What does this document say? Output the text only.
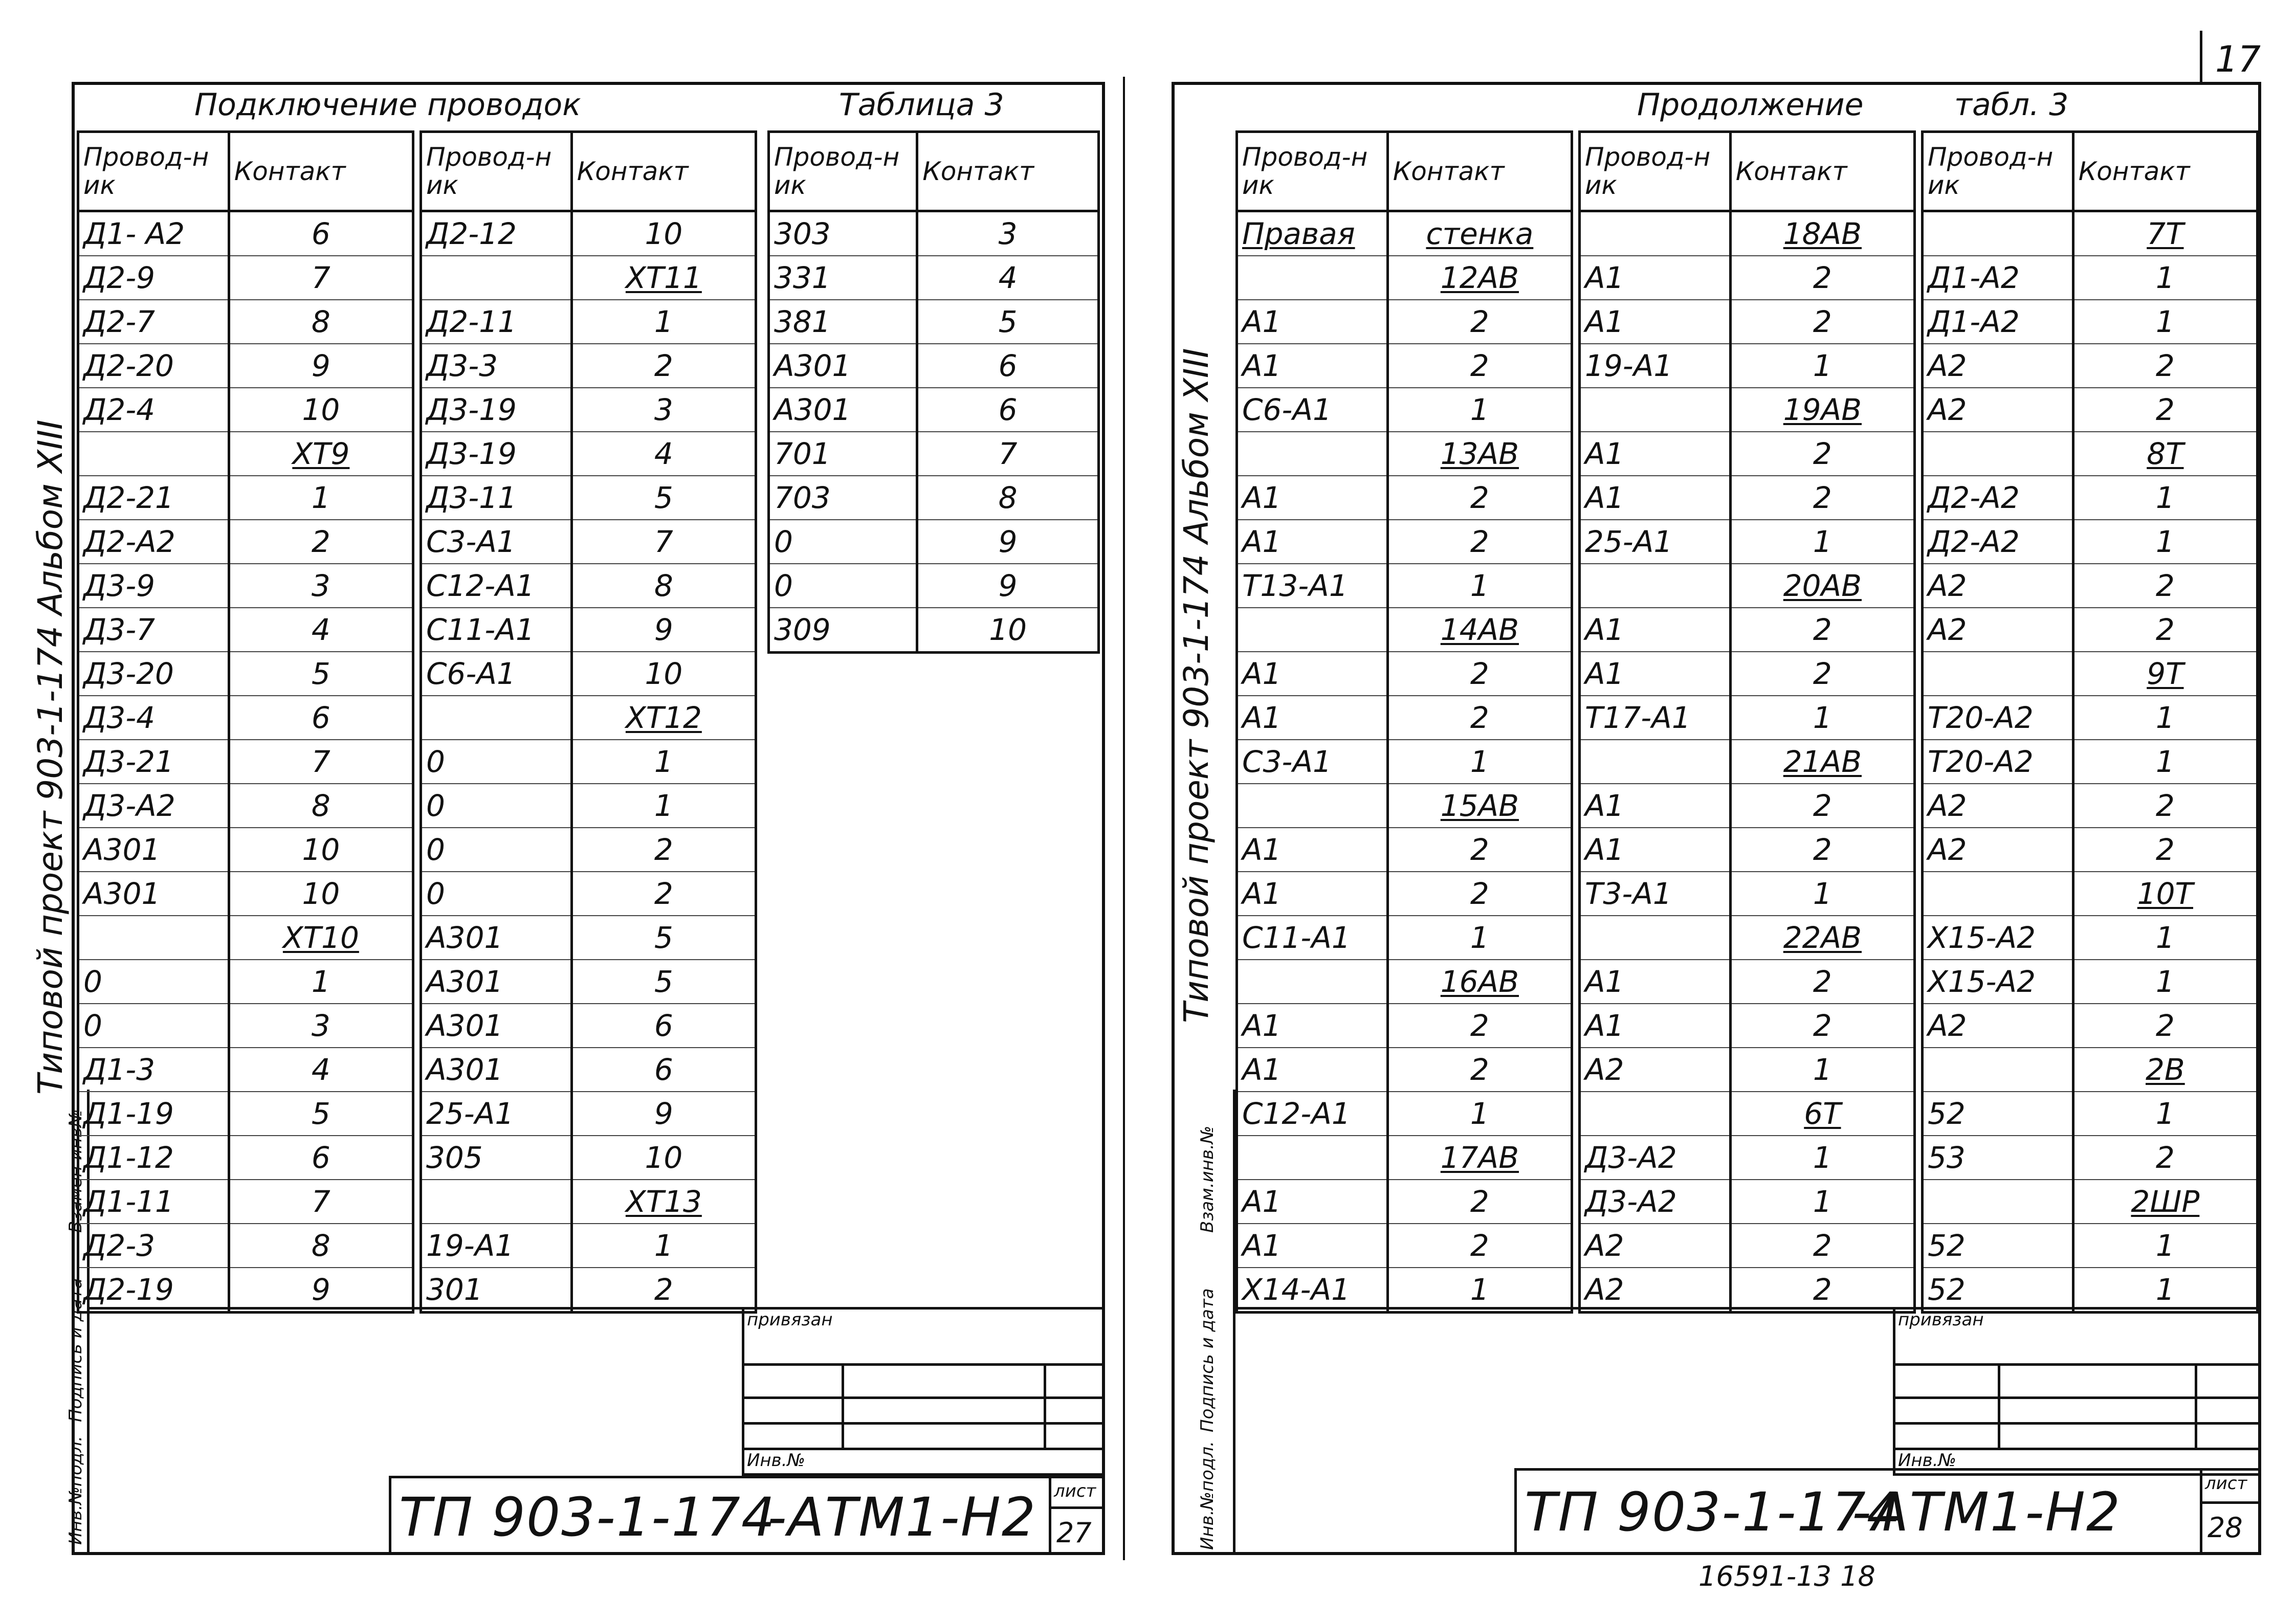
Подключение проводок	Таблица 3
Типовой проект 903-1-174 Альбом XIII
Взамен инв№
Подпись и дата
Инв.№подл.
Провод-ник	Контакт
Д1- А2	6
Д2-9	7
Д2-7	8
Д2-20	9
Д2-4	10
	XT9
Д2-21	1
Д2-А2	2
Д3-9	3
Д3-7	4
Д3-20	5
Д3-4	6
Д3-21	7
Д3-А2	8
А301	10
А301	10
	XT10
0	1
0	3
Д1-3	4
Д1-19	5
Д1-12	6
Д1-11	7
Д2-3	8
Д2-19	9
Провод-ник	Контакт
Д2-12	10
	XT11
Д2-11	1
Д3-3	2
Д3-19	3
Д3-19	4
Д3-11	5
С3-А1	7
С12-А1	8
С11-А1	9
С6-А1	10
	XT12
0	1
0	1
0	2
0	2
А301	5
А301	5
А301	6
А301	6
25-А1	9
305	10
	XT13
19-А1	1
301	2
Провод-ник	Контакт
303	3
331	4
381	5
А301	6
А301	6
701	7
703	8
0	9
0	9
309	10
привязан
Инв.№
ТП 903-1-174
-АТМ1-Н2 лист
27
17
Продолжение	табл. 3
Типовой проект 903-1-174 Альбом XIII
Взам.инв.№
Подпись и дата
Инв.№подл.
Провод-ник	Контакт
Правая	стенка
	12АВ
А1	2
А1	2
С6-А1	1
	13АВ
А1	2
А1	2
Т13-А1	1
	14АВ
А1	2
А1	2
С3-А1	1
	15АВ
А1	2
А1	2
С11-А1	1
	16АВ
А1	2
А1	2
С12-А1	1
	17АВ
А1	2
А1	2
Х14-А1	1
Провод-ник	Контакт
	18АВ
А1	2
А1	2
19-А1	1
	19АВ
А1	2
А1	2
25-А1	1
	20АВ
А1	2
А1	2
Т17-А1	1
	21АВ
А1	2
А1	2
Т3-А1	1
	22АВ
А1	2
А1	2
А2	1
	6Т
Д3-А2	1
Д3-А2	1
А2	2
А2	2
Провод-ник	Контакт
	7Т
Д1-А2	1
Д1-А2	1
А2	2
А2	2
	8Т
Д2-А2	1
Д2-А2	1
А2	2
А2	2
	9Т
Т20-А2	1
Т20-А2	1
А2	2
А2	2
	10Т
Х15-А2	1
Х15-А2	1
А2	2
	2В
52	1
53	2
	2ШР
52	1
52	1
привязан
Инв.№
ТП 903-1-174
-АТМ1-Н2	лист
28
16591-13 18
